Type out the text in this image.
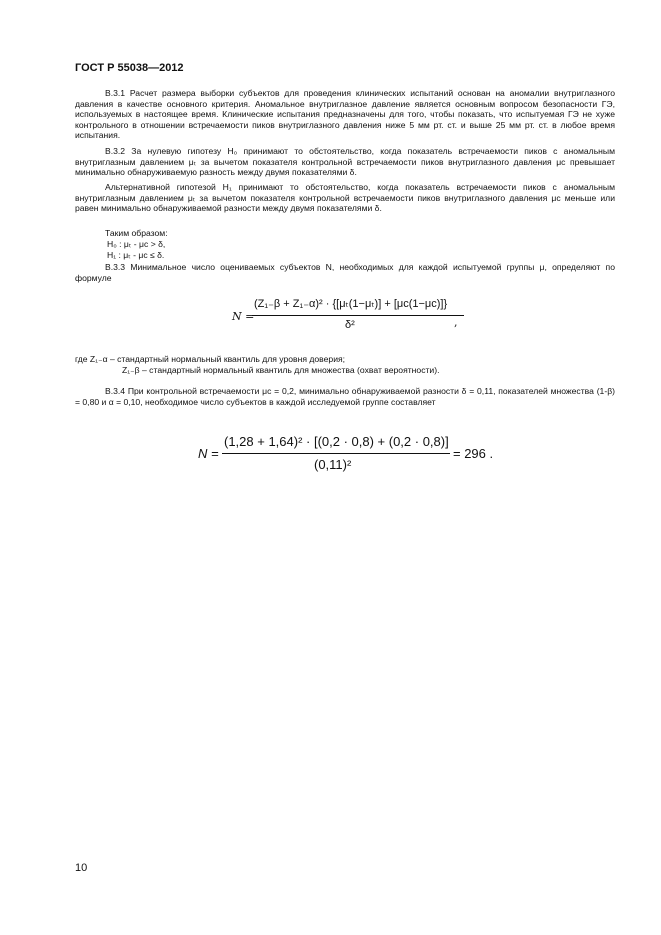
ГОСТ Р 55038—2012
В.3.1 Расчет размера выборки субъектов для проведения клинических испытаний основан на аномалии внутриглазного давления в качестве основного критерия. Аномальное внутриглазное давление является основным вопросом безопасности ГЭ, используемых в настоящее время. Клинические испытания предназначены для того, чтобы показать, что испытуемая ГЭ не хуже контрольного в отношении встречаемости пиков внутриглазного давления ниже 5 мм рт. ст. и выше 25 мм рт. ст. в любое время испытания.
В.3.2 За нулевую гипотезу H₀ принимают то обстоятельство, когда показатель встречаемости пиков с аномальным внутриглазным давлением μₜ за вычетом показателя контрольной встречаемости пиков внутриглазного давления μc превышает минимально обнаруживаемую разность между двумя показателями δ.
Альтернативной гипотезой H₁ принимают то обстоятельство, когда показатель встречаемости пиков с аномальным внутриглазным давлением μₜ за вычетом показателя контрольной встречаемости пиков внутриглазного давления μc меньше или равен минимально обнаруживаемой разности между двумя показателями δ.
Таким образом:
H₀ : μₜ - μc > δ,
H₁ : μₜ - μc ≤ δ.
В.3.3 Минимальное число оцениваемых субъектов N, необходимых для каждой испытуемой группы μ, определяют по формуле
N =
(Z₁₋β + Z₁₋α)² · {[μₜ(1−μₜ)] + [μc(1−μc)]}
δ²	,
где Z₁₋α – стандартный нормальный квантиль для уровня доверия;
Z₁₋β – стандартный нормальный квантиль для множества (охват вероятности).
В.3.4 При контрольной встречаемости μc = 0,2, минимально обнаруживаемой разности δ = 0,11, показателей множества (1-β) = 0,80 и α = 0,10, необходимое число субъектов в каждой исследуемой группе составляет
N =
(1,28 + 1,64)² · [(0,2 · 0,8) + (0,2 · 0,8)]
(0,11)²
= 296 .
10
